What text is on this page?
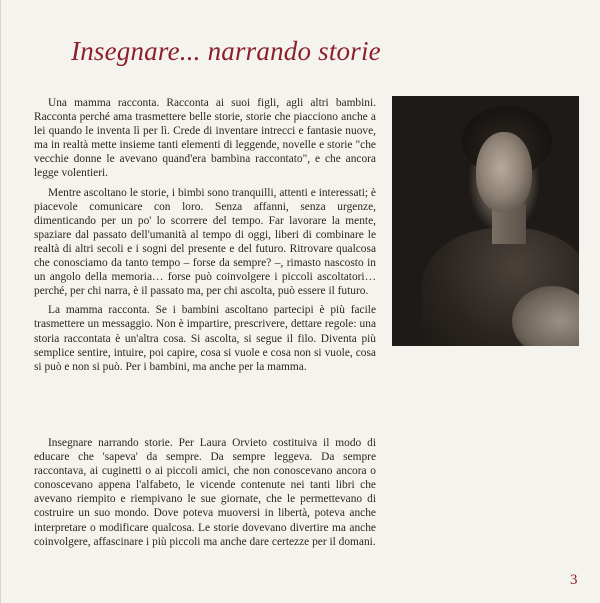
Insegnare... narrando storie

Una mamma racconta. Racconta ai suoi figli, agli altri bambini. Racconta perché ama trasmettere belle storie, storie che piacciono anche a lei quando le inventa lì per lì. Crede di inventare intrecci e fantasie nuove, ma in realtà mette insieme tanti elementi di leggende, novelle e storie "che vecchie donne le avevano quand'era bambina raccontato", e che ancora legge volentieri.

Mentre ascoltano le storie, i bimbi sono tranquilli, attenti e interessati; è piacevole comunicare con loro. Senza affanni, senza urgenze, dimenticando per un po' lo scorrere del tempo. Far lavorare la mente, spaziare dal passato dell'umanità al tempo di oggi, liberi di combinare le realtà di altri secoli e i sogni del presente e del futuro. Ritrovare qualcosa che conosciamo da tanto tempo – forse da sempre? –, rimasto nascosto in un angolo della memoria… forse può coinvolgere i piccoli ascoltatori… perché, per chi narra, è il passato ma, per chi ascolta, può essere il futuro.

La mamma racconta. Se i bambini ascoltano partecipi è più facile trasmettere un messaggio. Non è impartire, prescrivere, dettare regole: una storia raccontata è un'altra cosa. Si ascolta, si segue il filo. Diventa più semplice sentire, intuire, poi capire, cosa si vuole e cosa non si vuole, cosa si può e non si può. Per i bambini, ma anche per la mamma.

Insegnare narrando storie. Per Laura Orvieto costituiva il modo di educare che 'sapeva' da sempre. Da sempre leggeva. Da sempre raccontava, ai cuginetti o ai piccoli amici, che non conoscevano ancora o conoscevano appena l'alfabeto, le vicende contenute nei tanti libri che avevano riempito e riempivano le sue giornate, che le permettevano di costruire un suo mondo. Dove poteva muoversi in libertà, poteva anche interpretare o modificare qualcosa. Le storie dovevano divertire ma anche coinvolgere, affascinare i più piccoli ma anche dare certezze per il domani.

3
